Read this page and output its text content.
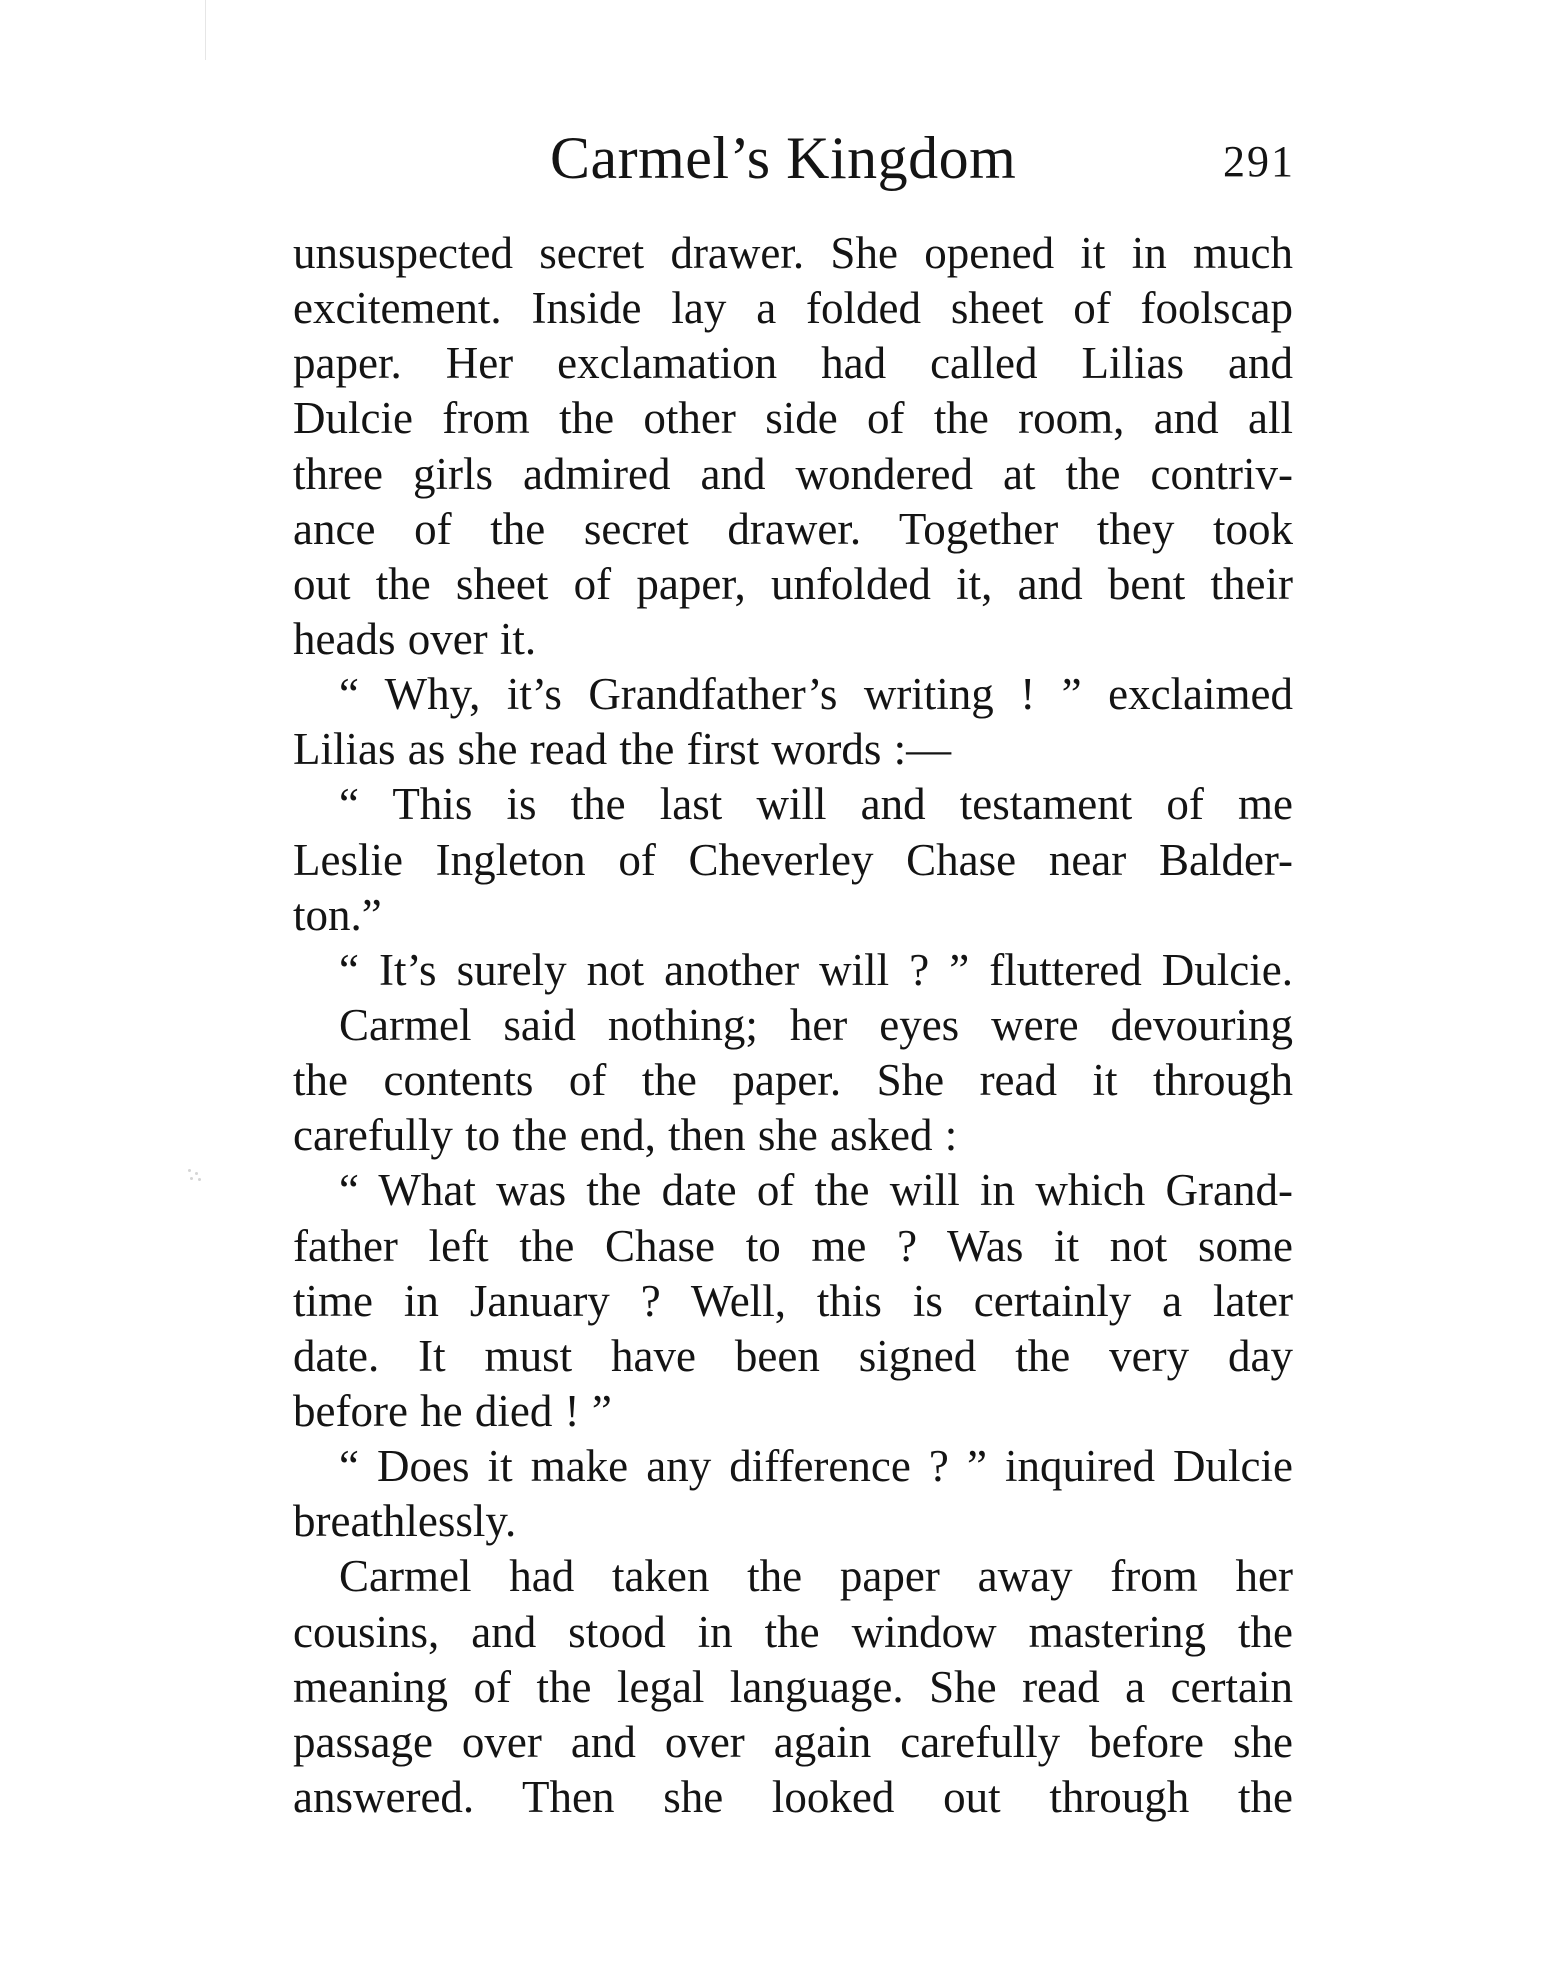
Carmel’s Kingdom	291
unsuspected secret drawer. She opened it in much
excitement. Inside lay a folded sheet of foolscap
paper. Her exclamation had called Lilias and
Dulcie from the other side of the room, and all
three girls admired and wondered at the contriv-
ance of the secret drawer. Together they took
out the sheet of paper, unfolded it, and bent their
heads over it.
“ Why, it’s Grandfather’s writing ! ” exclaimed
Lilias as she read the first words :—
“ This is the last will and testament of me
Leslie Ingleton of Cheverley Chase near Balder-
ton.”
“ It’s surely not another will ? ” fluttered Dulcie.
Carmel said nothing; her eyes were devouring
the contents of the paper. She read it through
carefully to the end, then she asked :
“ What was the date of the will in which Grand-
father left the Chase to me ? Was it not some
time in January ? Well, this is certainly a later
date. It must have been signed the very day
before he died ! ”
“ Does it make any difference ? ” inquired Dulcie
breathlessly.
Carmel had taken the paper away from her
cousins, and stood in the window mastering the
meaning of the legal language. She read a certain
passage over and over again carefully before she
answered. Then she looked out through the
